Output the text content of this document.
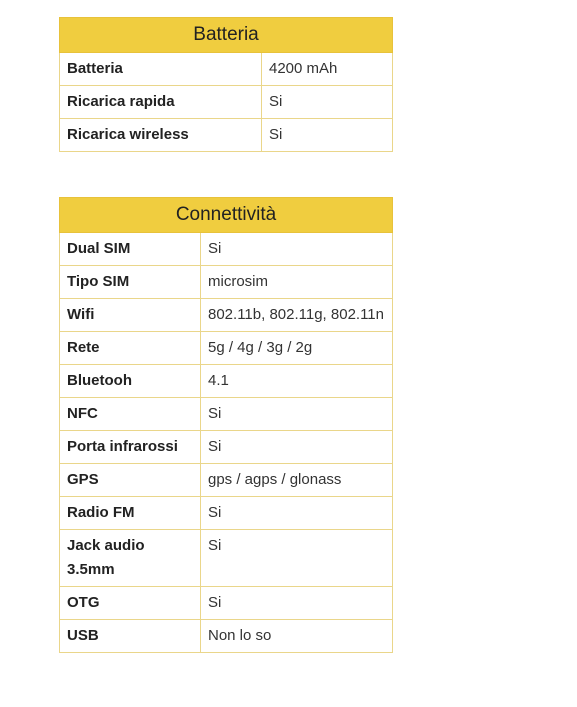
Batteria	
Batteria	4200 mAh
Ricarica rapida	Si
Ricarica wireless	Si
Connettività	
Dual SIM	Si
Tipo SIM	microsim
Wifi	802.11b, 802.11g, 802.11n
Rete	5g / 4g / 3g / 2g
Bluetooh	4.1
NFC	Si
Porta infrarossi	Si
GPS	gps / agps / glonass
Radio FM	Si
Jack audio 3.5mm	Si
OTG	Si
USB	Non lo so
